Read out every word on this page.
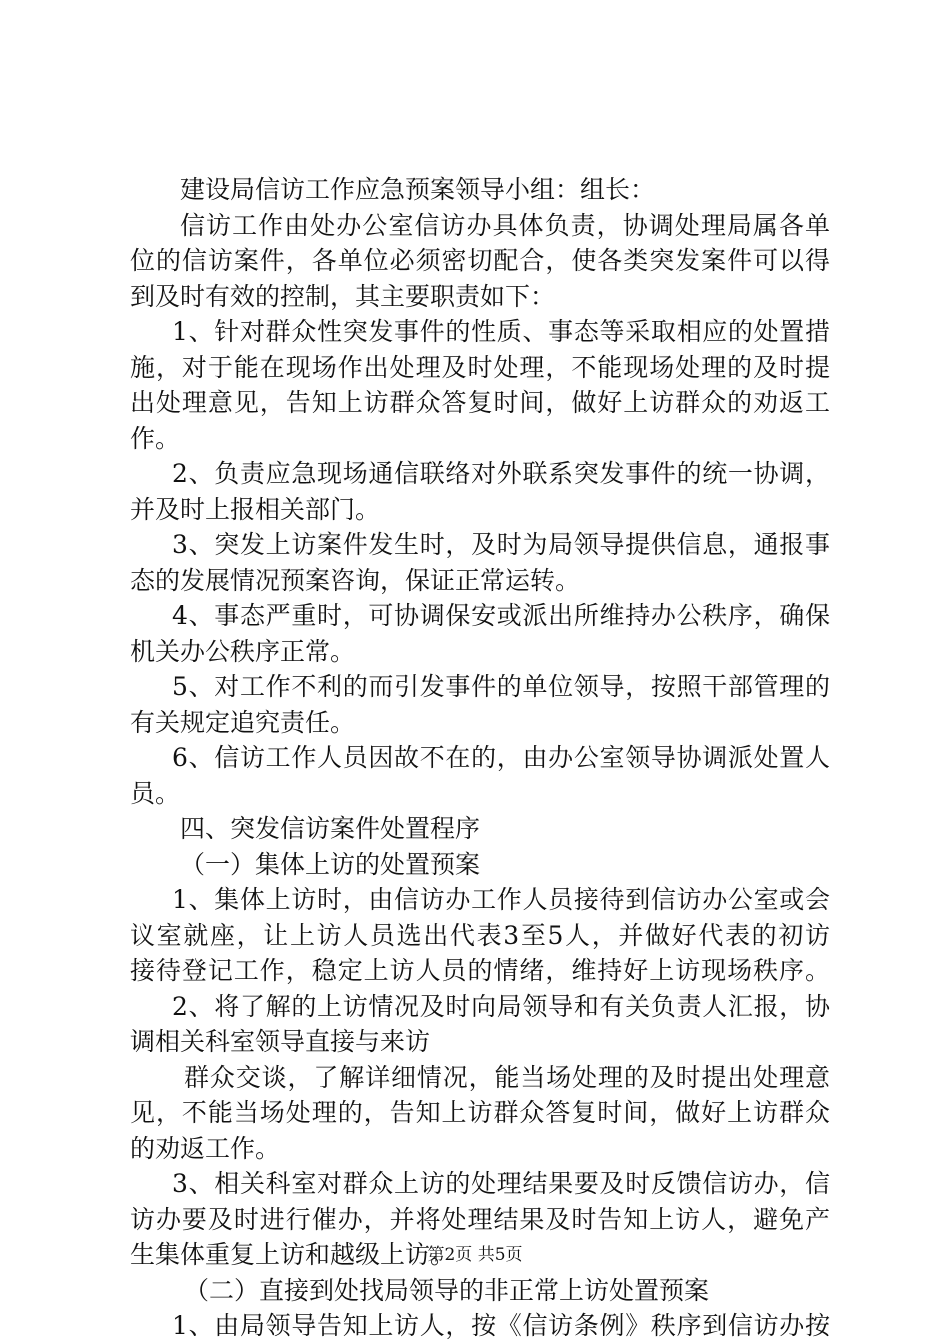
建设局信访工作应急预案领导小组：组长：
信访工作由处办公室信访办具体负责，协调处理局属各单
位的信访案件，各单位必须密切配合，使各类突发案件可以得
到及时有效的控制，其主要职责如下：
1、针对群众性突发事件的性质、事态等采取相应的处置措
施，对于能在现场作出处理及时处理，不能现场处理的及时提
出处理意见，告知上访群众答复时间，做好上访群众的劝返工
作。
2、负责应急现场通信联络对外联系突发事件的统一协调，
并及时上报相关部门。
3、突发上访案件发生时，及时为局领导提供信息，通报事
态的发展情况预案咨询，保证正常运转。
4、事态严重时，可协调保安或派出所维持办公秩序，确保
机关办公秩序正常。
5、对工作不利的而引发事件的单位领导，按照干部管理的
有关规定追究责任。
6、信访工作人员因故不在的，由办公室领导协调派处置人
员。
四、突发信访案件处置程序
（一）集体上访的处置预案
1、集体上访时，由信访办工作人员接待到信访办公室或会
议室就座，让上访人员选出代表3至5人，并做好代表的初访
接待登记工作，稳定上访人员的情绪，维持好上访现场秩序。
2、将了解的上访情况及时向局领导和有关负责人汇报，协
调相关科室领导直接与来访
群众交谈，了解详细情况，能当场处理的及时提出处理意
见，不能当场处理的，告知上访群众答复时间，做好上访群众
的劝返工作。
3、相关科室对群众上访的处理结果要及时反馈信访办，信
访办要及时进行催办，并将处理结果及时告知上访人，避免产
生集体重复上访和越级上访。
（二）直接到处找局领导的非正常上访处置预案
1、由局领导告知上访人，按《信访条例》秩序到信访办按
第2页 共5页
